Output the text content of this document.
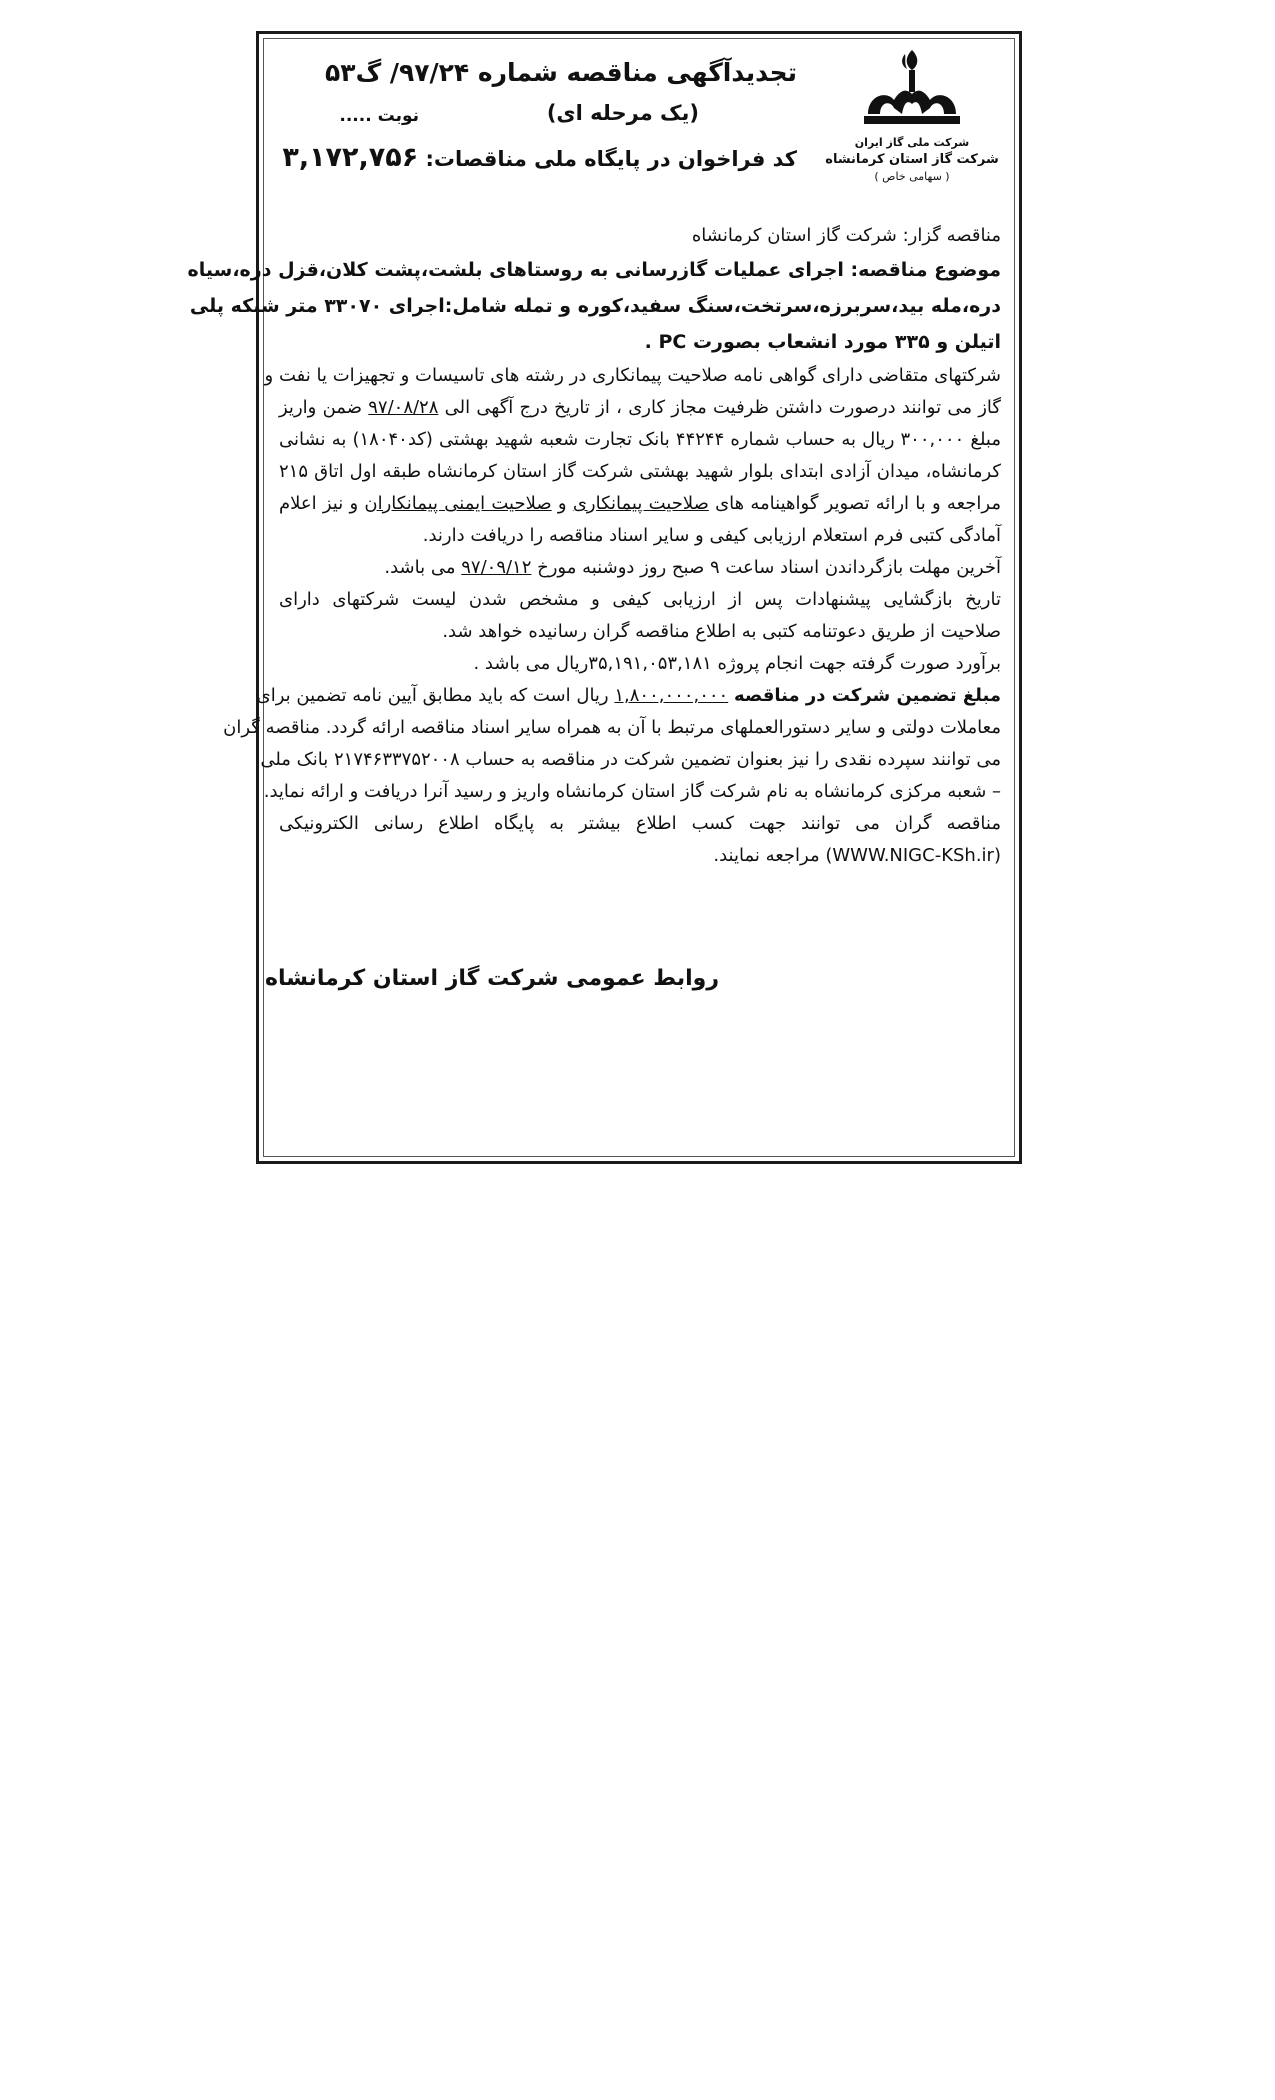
شرکت ملی گاز ایران
شرکت گاز استان کرمانشاه
( سهامی خاص )
تجدیدآگهی مناقصه شماره ۹۷/۲۴/ گ۵۳
(یک مرحله ای)
کد فراخوان در پایگاه ملی مناقصات: ۳,۱۷۲,۷۵۶
نوبت .....
مناقصه گزار: شرکت گاز استان کرمانشاه
موضوع مناقصه: اجرای عملیات گازرسانی به روستاهای بلشت،پشت کلان،قزل دره،سیاه
دره،مله بید،سربرزه،سرتخت،سنگ سفید،کوره و تمله شامل:اجرای ۳۳۰۷۰ متر شبکه پلی
اتیلن و ۳۳۵ مورد انشعاب بصورت PC .
شرکتهای متقاضی دارای گواهی نامه صلاحیت پیمانکاری در رشته های تاسیسات و تجهیزات یا نفت و
گاز می توانند درصورت داشتن ظرفیت مجاز کاری ، از تاریخ درج آگهی الی ۹۷/۰۸/۲۸ ضمن واریز
مبلغ ۳۰۰,۰۰۰ ریال به حساب شماره ۴۴۲۴۴ بانک تجارت شعبه شهید بهشتی (کد۱۸۰۴۰) به نشانی
کرمانشاه، میدان آزادی ابتدای بلوار شهید بهشتی شرکت گاز استان کرمانشاه طبقه اول اتاق ۲۱۵
مراجعه و با ارائه تصویر گواهینامه های صلاحیت پیمانکاری و صلاحیت ایمنی پیمانکاران و نیز اعلام
آمادگی کتبی فرم استعلام ارزیابی کیفی و سایر اسناد مناقصه را دریافت دارند.
آخرین مهلت بازگرداندن اسناد ساعت ۹ صبح روز دوشنبه مورخ ۹۷/۰۹/۱۲ می باشد.
تاریخ بازگشایی پیشنهادات پس از ارزیابی کیفی و مشخص شدن لیست شرکتهای دارای
صلاحیت از طریق دعوتنامه کتبی به اطلاع مناقصه گران رسانیده خواهد شد.
برآورد صورت گرفته جهت انجام پروژه ۳۵,۱۹۱,۰۵۳,۱۸۱ریال می باشد .
مبلغ تضمین شرکت در مناقصه ۱,۸۰۰,۰۰۰,۰۰۰ ریال است که باید مطابق آیین نامه تضمین برای
معاملات دولتی و سایر دستورالعملهای مرتبط با آن به همراه سایر اسناد مناقصه ارائه گردد. مناقصه گران
می توانند سپرده نقدی را نیز بعنوان تضمین شرکت در مناقصه به حساب ۲۱۷۴۶۳۳۷۵۲۰۰۸ بانک ملی
– شعبه مرکزی کرمانشاه به نام شرکت گاز استان کرمانشاه واریز و رسید آنرا دریافت و ارائه نماید.
مناقصه گران می توانند جهت کسب اطلاع بیشتر به پایگاه اطلاع رسانی الکترونیکی
(WWW.NIGC-KSh.ir) مراجعه نمایند.
روابط عمومی شرکت گاز استان کرمانشاه
